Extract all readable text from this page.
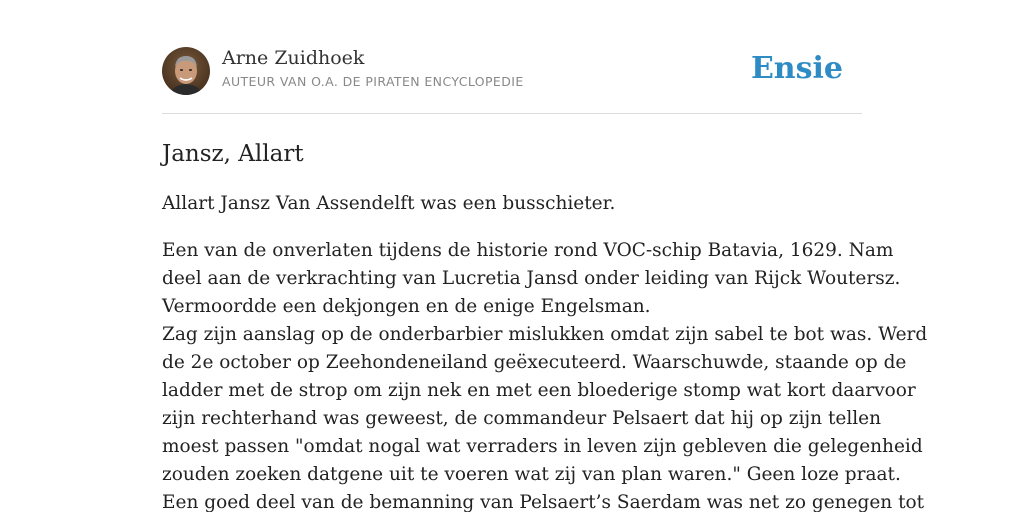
Arne Zuidhoek
AUTEUR VAN O.A. DE PIRATEN ENCYCLOPEDIE	Ensie
Jansz, Allart

Allart Jansz Van Assendelft was een busschieter.

Een van de onverlaten tijdens de historie rond VOC-schip Batavia, 1629. Nam
deel aan de verkrachting van Lucretia Jansd onder leiding van Rijck Woutersz.
Vermoordde een dekjongen en de enige Engelsman.
Zag zijn aanslag op de onderbarbier mislukken omdat zijn sabel te bot was. Werd
de 2e october op Zeehondeneiland geëxecuteerd. Waarschuwde, staande op de
ladder met de strop om zijn nek en met een bloederige stomp wat kort daarvoor
zijn rechterhand was geweest, de commandeur Pelsaert dat hij op zijn tellen
moest passen "omdat nogal wat verraders in leven zijn gebleven die gelegenheid
zouden zoeken datgene uit te voeren wat zij van plan waren." Geen loze praat.
Een goed deel van de bemanning van Pelsaert’s Saerdam was net zo genegen tot
